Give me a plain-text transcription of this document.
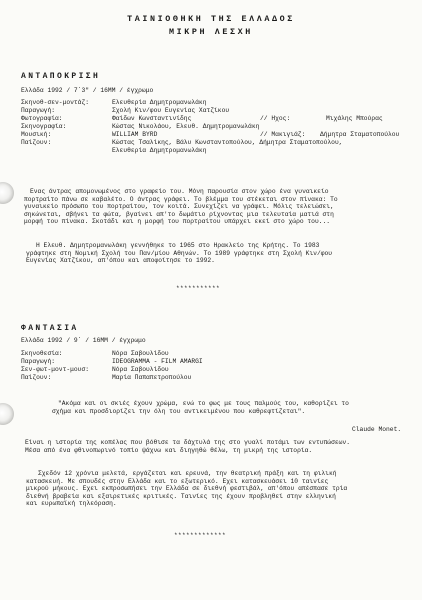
ΤΑΙΝΙΟΘΗΚΗ ΤΗΣ ΕΛΛΑΔΟΣ
ΜΙΚΡΗ ΛΕΣΧΗ
ΑΝΤΑΠΟΚΡΙΣΗ
Ελλάδα 1992 / 7΄3" / 16MM / έγχρωμο
Σκηνοθ-σεν-μοντάζ:	Ελευθερία Δημητρομανωλάκη
Παραγωγή:	Σχολή Κιν/φου Ευγενίας Χατζίκου
Φωτογραφία:	Φαίδων Κωνσταντινίδης	// Ηχος:	Μιχάλης Μπούρας
Σκηνογραφία:	Κώστας Νικολάου, Ελευθ. Δημητρομανωλάκη
Μουσική:	WILLIAM BYRD	// Μακιγιάζ: Δήμητρα Σταματοπούλου
Παίζουν:	Κώστας Τσαλίκης, Βάλυ Κωνσταντοπούλου, Δήμητρα Σταματοπούλου,
Ελευθερία Δημητρομανωλάκη
Ενας άντρας απομονωμένος στο γραφείο του. Μόνη παρουσία στον χώρο ένα γυναικείο
πορτραίτο πάνω σε καβαλέτο. Ο άντρας γράφει. Το βλέμμα του στέκεται στον πίνακα: Το
γυναικείο πρόσωπο του πορτραίτου, τον κοιτά. Συνεχίζει να γράφει. Μόλις τελειώσει,
σηκώνεται, σβήνει τα φώτα, βγαίνει απ'το δωμάτιο ρίχνοντας μια τελευταία ματιά στη
μορφή του πίνακα. Σκοτάδι και η μορφή του πορτραίτου υπάρχει εκεί στο χώρο του...
Η Ελευθ. Δημητρομανωλάκη γεννήθηκε το 1965 στο Ηρακλείο της Κρήτης. Το 1983
γράφτηκε στη Νομική Σχολή του Παν/μίου Αθηνών. Το 1989 γράφτηκε στη Σχολή Κιν/φου
Ευγενίας Χατζίκου, απ'όπου και αποφοίτησε το 1992.
***********
ΦΑΝΤΑΣΙΑ
Ελλάδα 1992 / 9΄ / 16MM / έγχρωμο
Σκηνοθεσία:	Νόρα Σαβουλίδου
Παραγωγή:	IDEOGRAMMA - FILM AMARGI
Σεν-φωτ-μοντ-μουσ:	Νόρα Σαβουλίδου
Παίζουν:	Μαρία Παπαπετροπούλου
"Ακόμα και οι σκιές έχουν χρώμα, ενώ το φως με τους παλμούς του, καθορίζει το
σχήμα και προσδιορίζει την όλη του αντικειμένου που καθρεφτίζεται".
Claude Monet.
Είναι η ιστορία της κοπέλας που βόθισε τα δάχτυλά της στο γυαλί ποτάμι των εντυπώσεων.
Μέσα από ένα φθινοπωρινό τοπίο ψάχνω και διηγηθώ θέλω, τη μικρή της ιστορία.
Σχεδόν 12 χρόνια μελετά, εργάζεται και ερευνά, την θεατρική πράξη και τη φιλική
κατασκευή. Με σπουδές στην Ελλάδα και το εξωτερικό. Εχει κατασκευάσει 10 ταινίες
μικρού μήκους. Εχει εκπροσωπήσει την Ελλάδα σε διεθνή φεστιβάλ, απ'όπου απέσπασε τρία
διεθνή βραβεία και εξαιρετικές κριτικές. Ταινίες της έχουν προβληθεί στην ελληνική
και ευρωπαϊκή τηλεόραση.
*************
